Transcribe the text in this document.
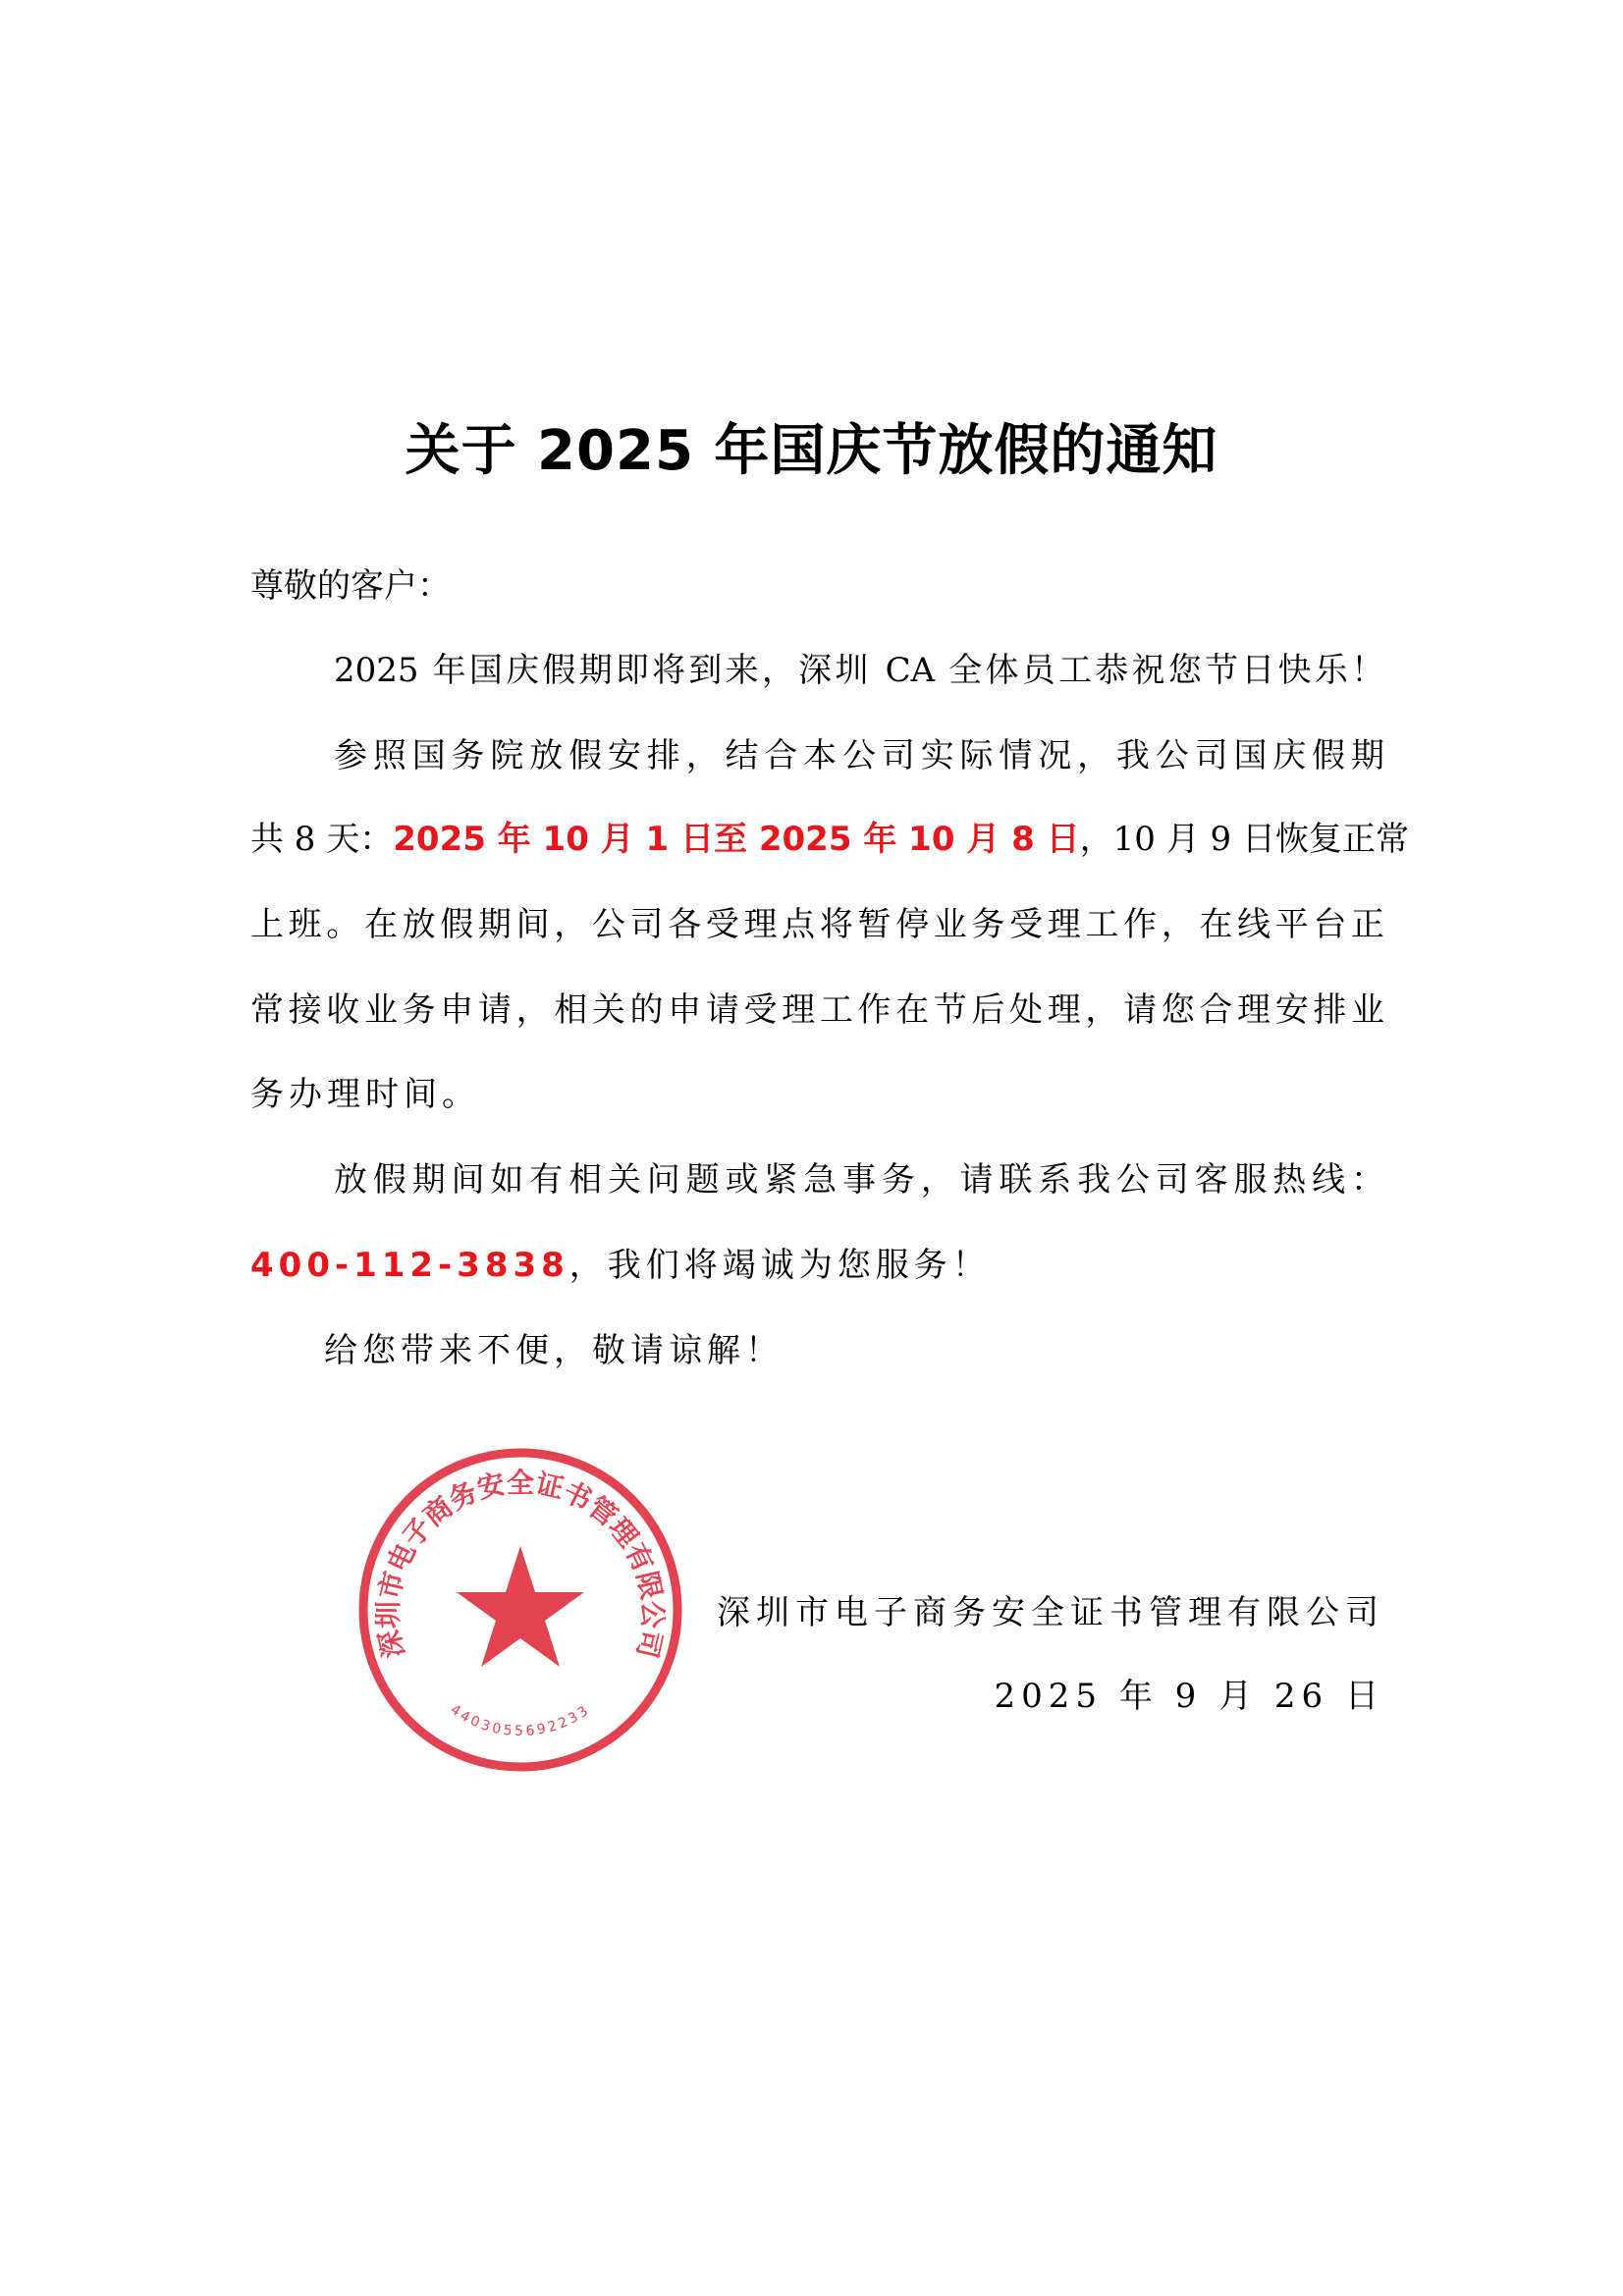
关于 2025 年国庆节放假的通知
尊敬的客户：
2025 年国庆假期即将到来，深圳 CA 全体员工恭祝您节日快乐！
参照国务院放假安排，结合本公司实际情况，我公司国庆假期
共 8 天：2025 年 10 月 1 日至 2025 年 10 月 8 日，10 月 9 日恢复正常
上班。在放假期间，公司各受理点将暂停业务受理工作，在线平台正
常接收业务申请，相关的申请受理工作在节后处理，请您合理安排业
务办理时间。
放假期间如有相关问题或紧急事务，请联系我公司客服热线：
400-112-3838，我们将竭诚为您服务！
给您带来不便，敬请谅解！
深圳市电子商务安全证书管理有限公司
2025 年 9 月 26 日
深圳市电子商务安全证书管理有限公司
4403055692233
